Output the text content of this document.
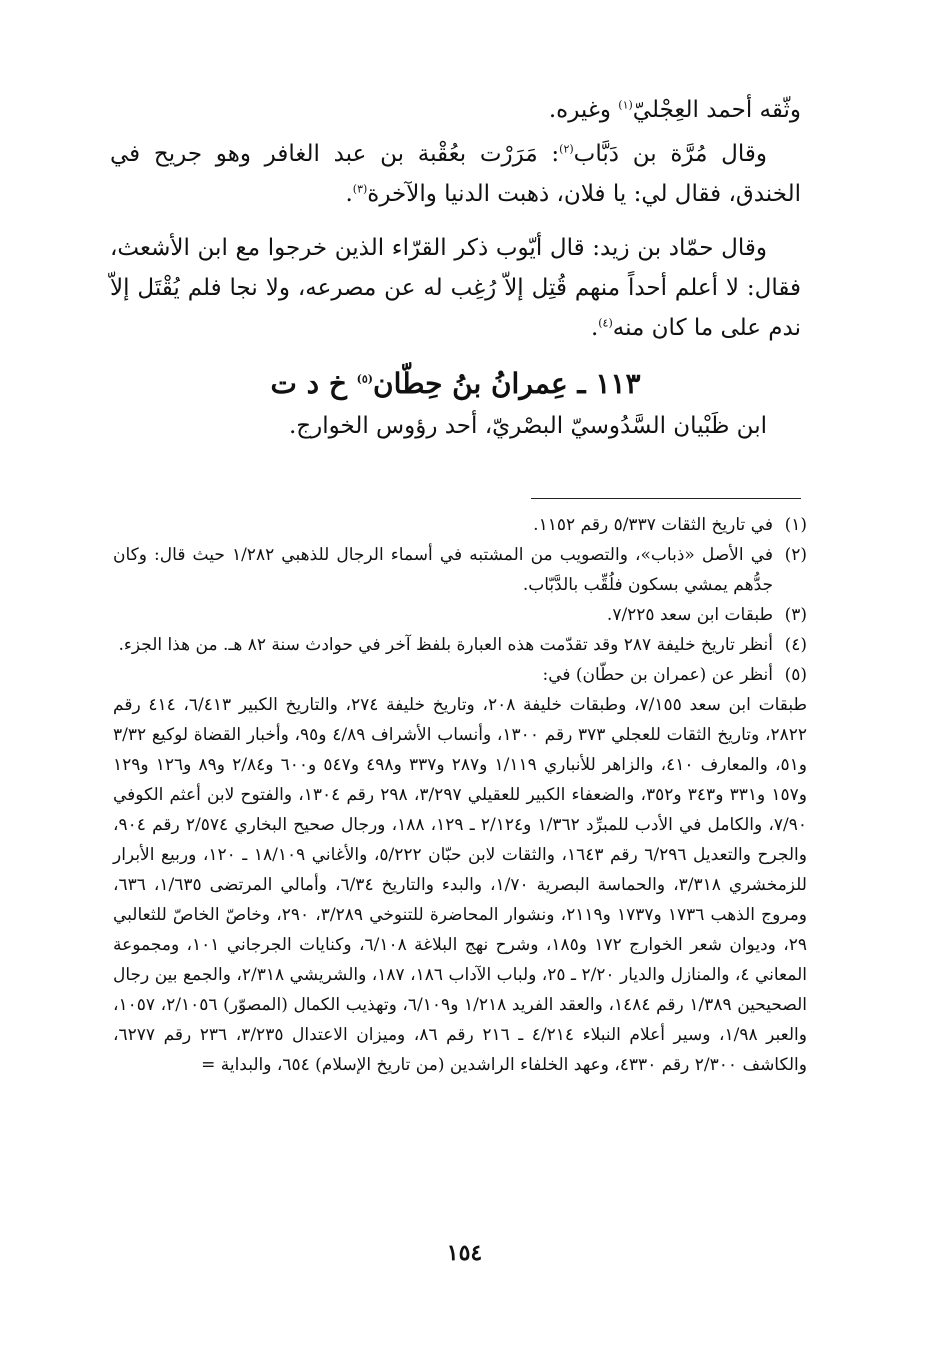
وثّقه أحمد العِجْليّ$^{(١)}$ وغيره.

وقال مُرَّة بن دَبَّاب$^{(٢)}$: مَرَرْت بعُقْبة بن عبد الغافر وهو جريح في الخندق، فقال لي: يا فلان، ذهبت الدنيا والآخرة$^{(٣)}$.

وقال حمّاد بن زيد: قال أيّوب ذكر القرّاء الذين خرجوا مع ابن الأشعث، فقال: لا أعلم أحداً منهم قُتِل إلاّ رُغِب له عن مصرعه، ولا نجا فلم يُقْتَل إلاّ ندم على ما كان منه$^{(٤)}$.

١١٣ ـ عِمرانُ بنُ حِطّان$^{(٥)}$ خ د ت

ابن ظَبْيان السَّدُوسيّ البصْريّ، أحد رؤوس الخوارج.

(١)
في تاريخ الثقات ٥/٣٣٧ رقم ١١٥٢.
(٢)
في الأصل «ذباب»، والتصويب من المشتبه في أسماء الرجال للذهبي ١/٢٨٢ حيث قال: وكان جدُّهم يمشي بسكون فلُقِّب بالدَّبّاب.
(٣)
طبقات ابن سعد ٧/٢٢٥.
(٤)
أنظر تاريخ خليفة ٢٨٧ وقد تقدّمت هذه العبارة بلفظ آخر في حوادث سنة ٨٢ هـ. من هذا الجزء.
(٥)
أنظر عن (عمران بن حطّان) في:
طبقات ابن سعد ٧/١٥٥، وطبقات خليفة ٢٠٨، وتاريخ خليفة ٢٧٤، والتاريخ الكبير ٦/٤١٣، ٤١٤ رقم ٢٨٢٢، وتاريخ الثقات للعجلي ٣٧٣ رقم ١٣٠٠، وأنساب الأشراف ٤/٨٩ و٩٥، وأخبار القضاة لوكيع ٣/٣٢ و٥١، والمعارف ٤١٠، والزاهر للأنباري ١/١١٩ و٢٨٧ و٣٣٧ و٤٩٨ و٥٤٧ و٦٠٠ و٢/٨٤ و٨٩ و١٢٦ و١٢٩ و١٥٧ و٣٣١ و٣٤٣ و٣٥٢، والضعفاء الكبير للعقيلي ٣/٢٩٧، ٢٩٨ رقم ١٣٠٤، والفتوح لابن أعثم الكوفي ٧/٩٠، والكامل في الأدب للمبرِّد ١/٣٦٢ و٢/١٢٤ ـ ١٢٩، ١٨٨، ورجال صحيح البخاري ٢/٥٧٤ رقم ٩٠٤، والجرح والتعديل ٦/٢٩٦ رقم ١٦٤٣، والثقات لابن حبّان ٥/٢٢٢، والأغاني ١٨/١٠٩ ـ ١٢٠، وربيع الأبرار للزمخشري ٣/٣١٨، والحماسة البصرية ١/٧٠، والبدء والتاريخ ٦/٣٤، وأمالي المرتضى ١/٦٣٥، ٦٣٦، ومروج الذهب ١٧٣٦ و١٧٣٧ و٢١١٩، ونشوار المحاضرة للتنوخي ٣/٢٨٩، ٢٩٠، وخاصّ الخاصّ للثعالبي ٢٩، وديوان شعر الخوارج ١٧٢ و١٨٥، وشرح نهج البلاغة ٦/١٠٨، وكنايات الجرجاني ١٠١، ومجموعة المعاني ٤، والمنازل والديار ٢/٢٠ ـ ٢٥، ولباب الآداب ١٨٦، ١٨٧، والشريشي ٢/٣١٨، والجمع بين رجال الصحيحين ١/٣٨٩ رقم ١٤٨٤، والعقد الفريد ١/٢١٨ و٦/١٠٩، وتهذيب الكمال (المصوّر) ٢/١٠٥٦، ١٠٥٧، والعبر ١/٩٨، وسير أعلام النبلاء ٤/٢١٤ ـ ٢١٦ رقم ٨٦، وميزان الاعتدال ٣/٢٣٥، ٢٣٦ رقم ٦٢٧٧، والكاشف ٢/٣٠٠ رقم ٤٣٣٠، وعهد الخلفاء الراشدين (من تاريخ الإسلام) ٦٥٤، والبداية =
١٥٤
